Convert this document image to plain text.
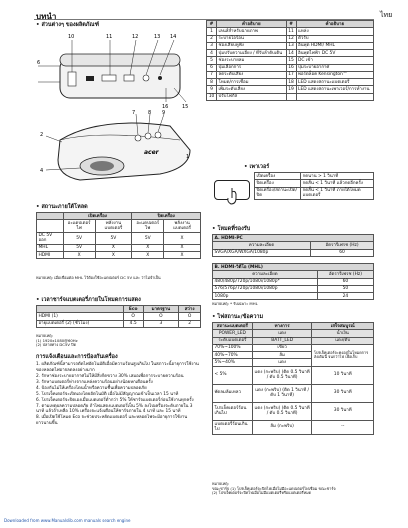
บทนำ	ไทย
• ส่วนต่างๆ ของผลิตภัณฑ์
10	11	12	13 14
16	15
6
acer
2
4
7	8 9
1
• สถานะภายใต้โหลด
	เปิดเครื่อง		ปิดเครื่อง	
	อะแดปเตอร์ไฟ	พลังงานแบตเตอรี่	อะแดปเตอร์ไฟ	พลังงานแบตเตอรี่
DC 5V ออก	5V	5V	5V	X
MHL	5V	X	X	X
HDMI	X	X	X	X
หมายเหตุ: เมื่อเชื่อมต่อ MHL ไว้ต้องใช้อะแดปเตอร์ DC 5V และ ว่าไม่จำเป็น
• เวลาชาร์จแบตเตอรี่ภายในโหมดการแสดง
	Eco	มาตรฐาน	สว่าง
HDMI (1)	O	O	O
อายุแบตเตอรี่ (2) (ชั่วโมง)	4.5	3	2
หมายเหตุ:
(1) 1920x1080@60Hz
(2) ปลายทาง DC5V ปิด
การแจ้งเตือนและการป้องกันเครื่อง
1. ผลิตภัณฑ์นี้สามารถตัดไฟอัตโนมัติเมื่อมีความร้อนสูงเกินไป ในสภาวะนี้อายุการใช้งานของหลอดไฟอาจลดลงอย่างมาก
2. รักษาช่องระบายอากาศไม่ให้มีสิ่งกีดขวาง 30% เสมอเพื่อการระบายความร้อน
3. รักษาแบตเตอรี่ห่างจากแหล่งความร้อนอย่างน้อยหกเดือนครั้ง
4. ป้องกันไม่ให้เครื่องโดนน้ำหรือความชื้นเพื่อความปลอดภัย
5. โปรเจ็คเตอร์จะเปิดเองโดยอัตโนมัติ เมื่อไม่มีสัญญาณเข้าเป็นเวลา 15 นาที
6. โปรเจ็คเตอร์จะปิดเองเมื่อแบตเตอรี่ต่ำกว่า 5% ให้ชาร์จแบตเตอรี่ก่อนใช้งานทุกครั้ง
7. ตามเหตุผลความปลอดภัย ถ้าไฟแสดงแบตเตอรี่เป็น 5% ลงไปเครื่องจะดับภายใน 3 นาที แล้วถ้าเหลือ 10% เครื่องจะแจ้งเตือนให้ชาร์จภายใน 4 นาที และ 15 นาที
8. เมื่อเปิดใช้โหมด Eco จะช่วยประหยัดแบตเตอรี่ และหลอดไฟจะมีอายุการใช้งานยาวนานขึ้น
#	คำอธิบาย	#	คำอธิบาย
1	เลนส์สำหรับฉายภาพ	11	แหล่ง
2	ระบายไอร้อน	12	ตัวรับ
3	ช่องเสียบหูฟัง	13	อินพุต HDMI/ MHL
4	ปุ่มปรับความเอียง / ที่รับลำดับเดิน	14	อินพุตไฟฟ้า DC 5V
5	ช่องระบายลม	15	DC เข้า
6	ปุ่มเลือกการ	16	ปุ่มระบายอากาศ
7	ลดระดับเสียง	17	พอร์ตล็อค Kensington™
8	โหมด/การเชื่อม	18	LED แสดงสถานะแบตเตอรี่
9	เพิ่มระดับเสียง	19	LED แสดงสถานะเพาเวอร์/การทำงาน
10	ปรับโฟกัส		
• เพาเวอร์
เปิดเครื่อง	กดนาน > 1 วินาที
ปิดเครื่อง	กดสั้น < 1 วินาที แล้วกดอีกครั้ง
ปิดเครื่อง/สถานะเปิด/ปิด	กดสั้น < 1 วินาที ภายใต้โหมดแบตเตอรี่
• โหมดที่รองรับ
A. HDMI-PC	
ความละเอียด	อัตรารีเฟรช (Hz)
SVGA/XGA/WXGA/1080p	60
B. HDMI-วิดีโอ (MHL)	
ความละเอียด	อัตรารีเฟรช (Hz)
480/480p/720p/1080i/1080p*	60
576/576p/720p/1080i/1080p	50
1080p	24
หมายเหตุ: * รับเฉพาะ MHL
• ไฟสถานะ/ข้อความ
สถานะแบตเตอรี่	ทางการ	เสร็จสมบูรณ์
POWER_LED	แดง	น้ำเงิน
ระดับแบตเตอรี่	BATT_LED	แดง/ดับ
70%~100%	เขียว	โปรเจ็คเตอร์จะคงอยู่ในโหมดการส่งเดิมนี้ จนกว่าไฟ เพื่อเก็บ
40%~70%	ส้ม	
5%~40%	แดง	
< 5%	แดง (กะพริบ) (ติด 0.5 วินาที / ดับ 0.5 วินาที)	10 วินาที
พัดลมล้มเหลว	แดง (กะพริบ) (ติด 1 วินาที / ดับ 1 วินาที)	30 วินาที
โปรเจ็คเตอร์ร้อนเกินไป	แดง (กะพริบ) (ติด 0.5 วินาที / ดับ 0.5 วินาที)	30 วินาที
แบตเตอรี่ร้อนเกินไป	ส้ม (กะพริบ)	--
หมายเหตุ:
ขณะชาร์จ (1) โปรเจ็คเตอร์จะปิดไฟเมื่อไม่มีอะแดปเตอร์ไฟเชื่อม ขณะชาร์จ
(2) โปรเจ็คเตอร์จะปิดไฟเมื่อไม่มีแบตเตอรี่หรือแบตเตอรี่หมด
Downloaded from www.Manualslib.com manuals search engine
